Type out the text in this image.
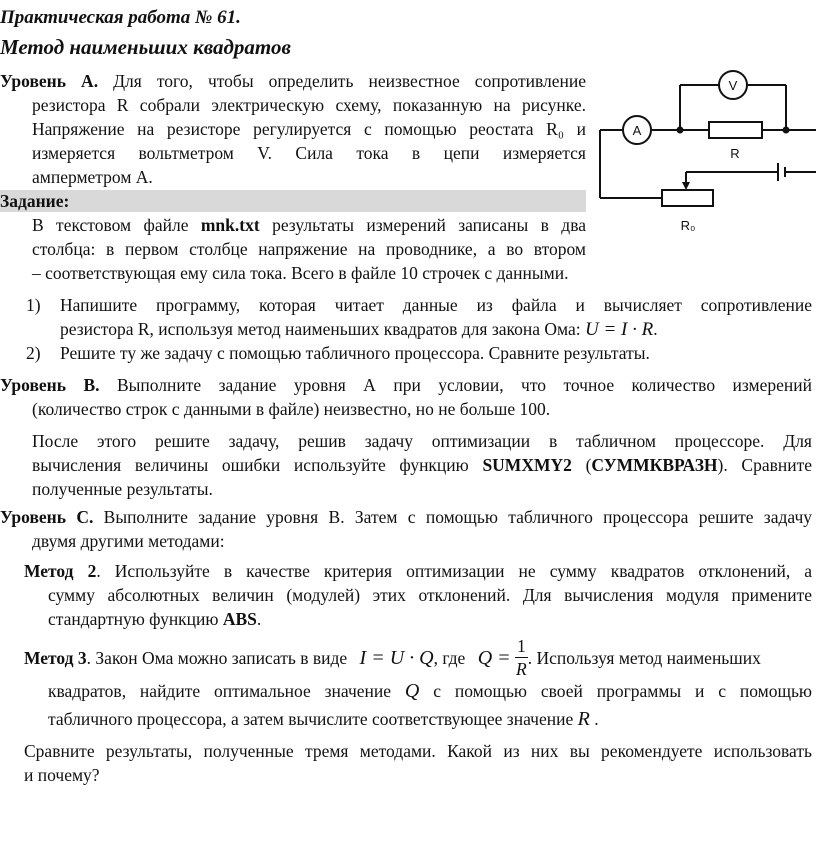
Практическая работа № 61.
Метод наименьших квадратов
Уровень А. Для того, чтобы определить неизвестное сопротивление
резистора R собрали электрическую схему, показанную на рисунке.
Напряжение на резисторе регулируется с помощью реостата R₀ и
измеряется вольтметром V. Сила тока в цепи измеряется
амперметром А.
Задание:
В текстовом файле mnk.txt результаты измерений записаны в два
столбца: в первом столбце напряжение на проводнике, а во втором
– соответствующая ему сила тока. Всего в файле 10 строчек с данными.
1) Напишите программу, которая читает данные из файла и вычисляет сопротивление
резистора R, используя метод наименьших квадратов для закона Ома: U = I · R.
2) Решите ту же задачу с помощью табличного процессора. Сравните результаты.
Уровень B. Выполните задание уровня А при условии, что точное количество измерений
(количество строк с данными в файле) неизвестно, но не больше 100.
После этого решите задачу, решив задачу оптимизации в табличном процессоре. Для
вычисления величины ошибки используйте функцию SUMXMY2 (СУММКВРАЗН). Сравните
полученные результаты.
Уровень C. Выполните задание уровня B. Затем с помощью табличного процессора решите задачу
двумя другими методами:
Метод 2. Используйте в качестве критерия оптимизации не сумму квадратов отклонений, а
сумму абсолютных величин (модулей) этих отклонений. Для вычисления модуля примените
стандартную функцию ABS.
Метод 3. Закон Ома можно записать в виде I = U · Q, где $Q = \frac{1}{R}$ . Используя метод наименьших
квадратов, найдите оптимальное значение Q с помощью своей программы и с помощью
табличного процессора, а затем вычислите соответствующее значение R .
Сравните результаты, полученные тремя методами. Какой из них вы рекомендуете использовать
и почему?
V
A
R
R₀
